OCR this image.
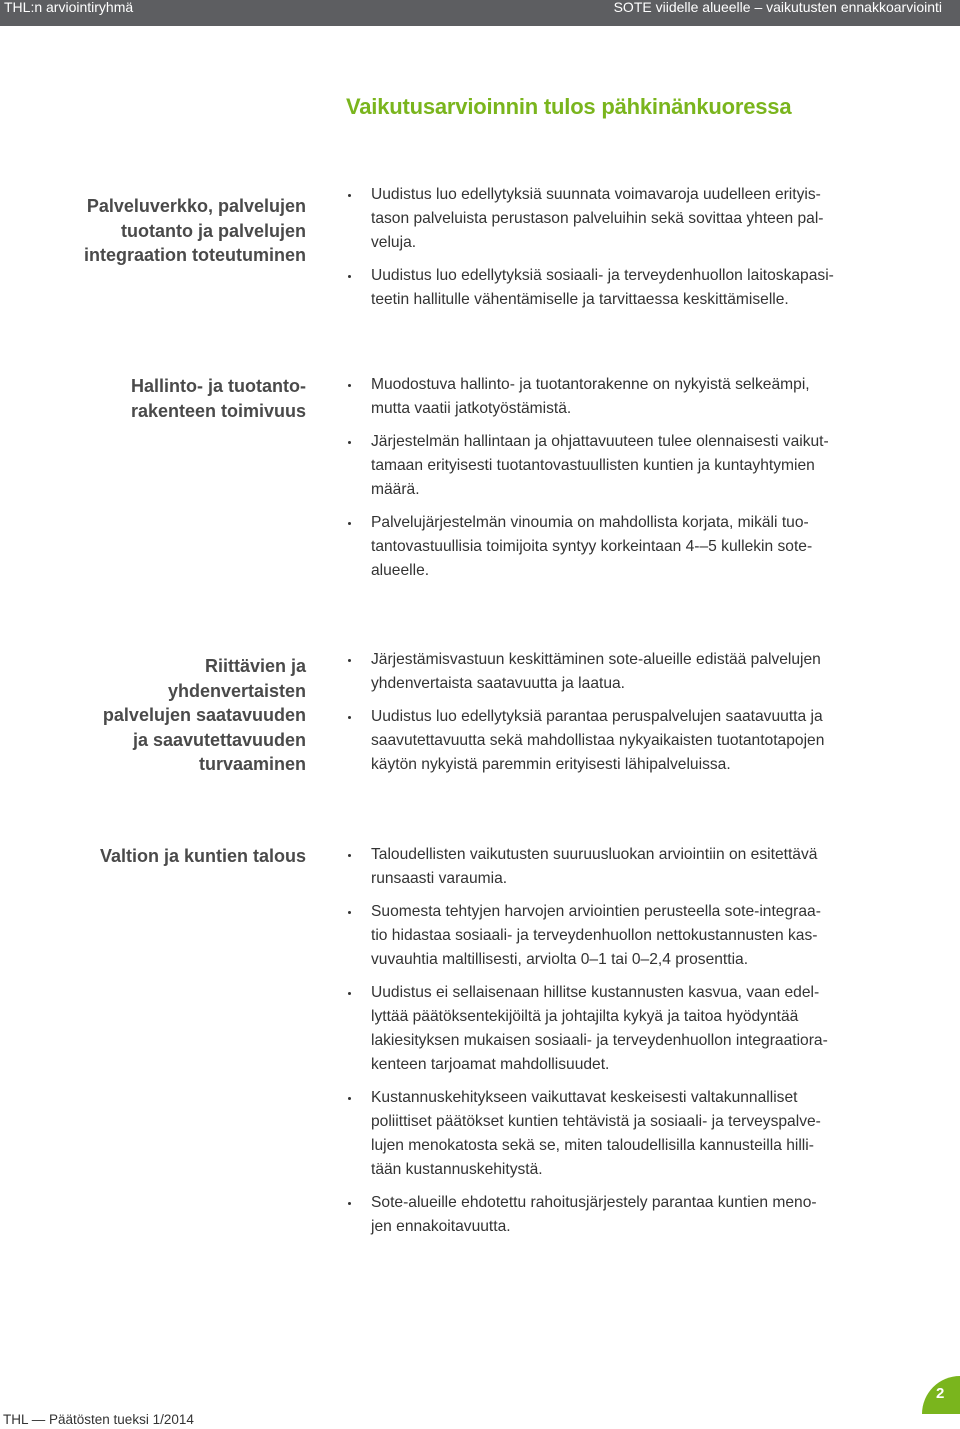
THL:n arviointiryhmä	SOTE viidelle alueelle – vaikutusten ennakkoarviointi
Vaikutusarvioinnin tulos pähkinänkuoressa
Palveluverkko, palvelujen
tuotanto ja palvelujen
integraation toteutuminen
Uudistus luo edellytyksiä suunnata voimavaroja uudelleen erityis-
tason palveluista perustason palveluihin sekä sovittaa yhteen pal-
veluja.
Uudistus luo edellytyksiä sosiaali- ja terveydenhuollon laitoskapasi-
teetin hallitulle vähentämiselle ja tarvittaessa keskittämiselle.
Hallinto- ja tuotanto-
rakenteen toimivuus
Muodostuva hallinto- ja tuotantorakenne on nykyistä selkeämpi,
mutta vaatii jatkotyöstämistä.
Järjestelmän hallintaan ja ohjattavuuteen tulee olennaisesti vaikut-
tamaan erityisesti tuotantovastuullisten kuntien ja kuntayhtymien
määrä.
Palvelujärjestelmän vinoumia on mahdollista korjata, mikäli tuo-
tantovastuullisia toimijoita syntyy korkeintaan 4-–5 kullekin sote-
alueelle.
Riittävien ja
yhdenvertaisten
palvelujen saatavuuden
ja saavutettavuuden
turvaaminen
Järjestämisvastuun keskittäminen sote-alueille edistää palvelujen
yhdenvertaista saatavuutta ja laatua.
Uudistus luo edellytyksiä parantaa peruspalvelujen saatavuutta ja
saavutettavuutta sekä mahdollistaa nykyaikaisten tuotantotapojen
käytön nykyistä paremmin erityisesti lähipalveluissa.
Valtion ja kuntien talous	Taloudellisten vaikutusten suuruusluokan arviointiin on esitettävä
runsaasti varaumia.
Suomesta tehtyjen harvojen arviointien perusteella sote-integraa-
tio hidastaa sosiaali- ja terveydenhuollon nettokustannusten kas-
vuvauhtia maltillisesti, arviolta 0–1 tai 0–2,4 prosenttia.
Uudistus ei sellaisenaan hillitse kustannusten kasvua, vaan edel-
lyttää päätöksentekijöiltä ja johtajilta kykyä ja taitoa hyödyntää
lakiesityksen mukaisen sosiaali- ja terveydenhuollon integraatiora-
kenteen tarjoamat mahdollisuudet.
Kustannuskehitykseen vaikuttavat keskeisesti valtakunnalliset
poliittiset päätökset kuntien tehtävistä ja sosiaali- ja terveyspalve-
lujen menokatosta sekä se, miten taloudellisilla kannusteilla hilli-
tään kustannuskehitystä.
Sote-alueille ehdotettu rahoitusjärjestely parantaa kuntien meno-
jen ennakoitavuutta.
THL — Päätösten tueksi 1/2014
2
